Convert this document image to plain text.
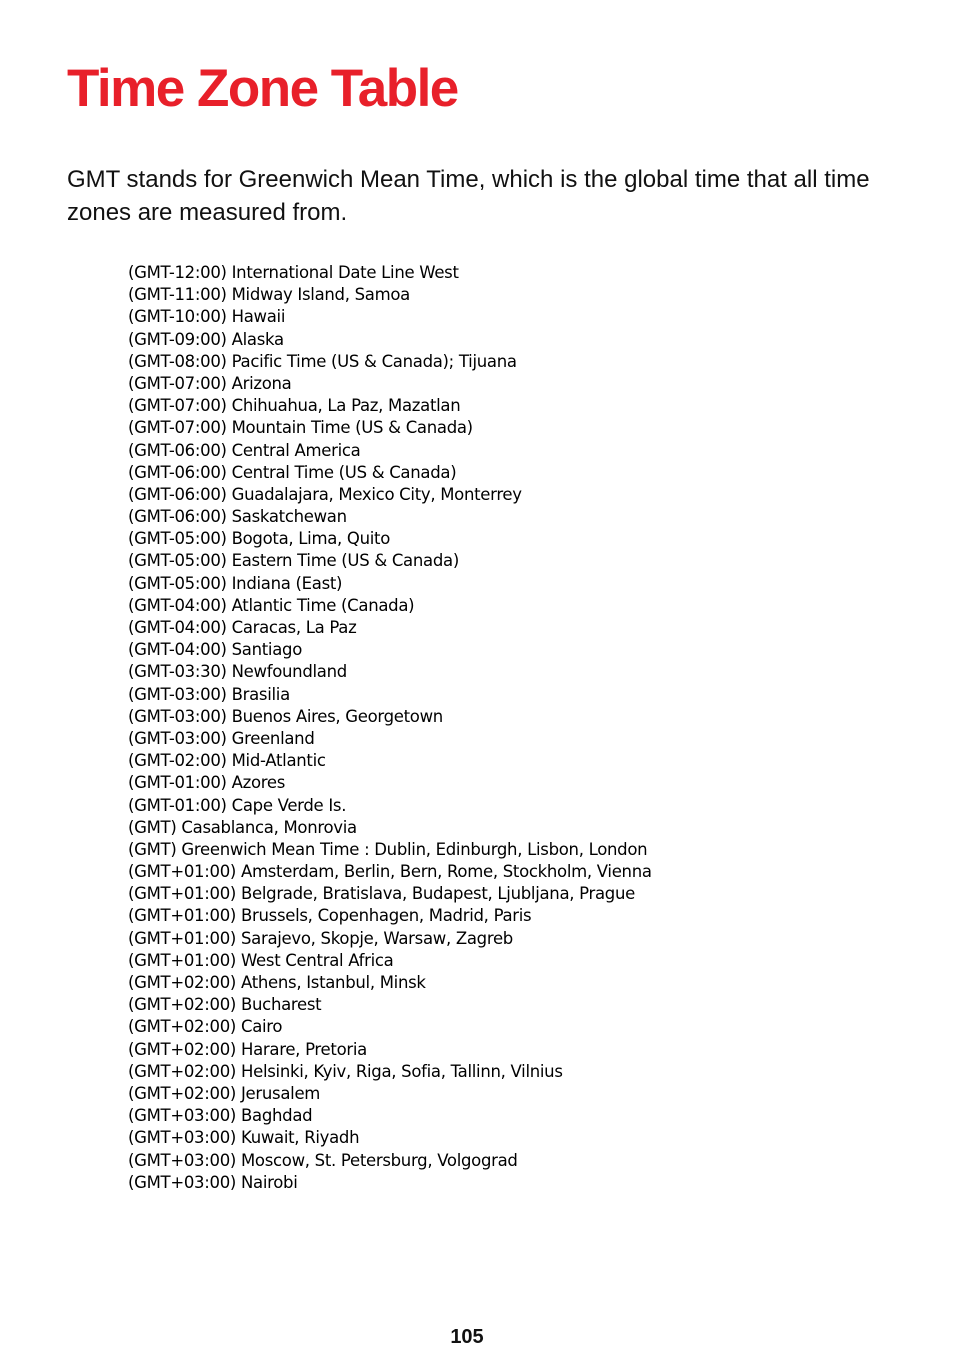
Time Zone Table

GMT stands for Greenwich Mean Time, which is the global time that all time zones are measured from.

(GMT-12:00) International Date Line West
(GMT-11:00) Midway Island, Samoa
(GMT-10:00) Hawaii
(GMT-09:00) Alaska
(GMT-08:00) Pacific Time (US & Canada); Tijuana
(GMT-07:00) Arizona
(GMT-07:00) Chihuahua, La Paz, Mazatlan
(GMT-07:00) Mountain Time (US & Canada)
(GMT-06:00) Central America
(GMT-06:00) Central Time (US & Canada)
(GMT-06:00) Guadalajara, Mexico City, Monterrey
(GMT-06:00) Saskatchewan
(GMT-05:00) Bogota, Lima, Quito
(GMT-05:00) Eastern Time (US & Canada)
(GMT-05:00) Indiana (East)
(GMT-04:00) Atlantic Time (Canada)
(GMT-04:00) Caracas, La Paz
(GMT-04:00) Santiago
(GMT-03:30) Newfoundland
(GMT-03:00) Brasilia
(GMT-03:00) Buenos Aires, Georgetown
(GMT-03:00) Greenland
(GMT-02:00) Mid-Atlantic
(GMT-01:00) Azores
(GMT-01:00) Cape Verde Is.
(GMT) Casablanca, Monrovia
(GMT) Greenwich Mean Time : Dublin, Edinburgh, Lisbon, London
(GMT+01:00) Amsterdam, Berlin, Bern, Rome, Stockholm, Vienna
(GMT+01:00) Belgrade, Bratislava, Budapest, Ljubljana, Prague
(GMT+01:00) Brussels, Copenhagen, Madrid, Paris
(GMT+01:00) Sarajevo, Skopje, Warsaw, Zagreb
(GMT+01:00) West Central Africa
(GMT+02:00) Athens, Istanbul, Minsk
(GMT+02:00) Bucharest
(GMT+02:00) Cairo
(GMT+02:00) Harare, Pretoria
(GMT+02:00) Helsinki, Kyiv, Riga, Sofia, Tallinn, Vilnius
(GMT+02:00) Jerusalem
(GMT+03:00) Baghdad
(GMT+03:00) Kuwait, Riyadh
(GMT+03:00) Moscow, St. Petersburg, Volgograd
(GMT+03:00) Nairobi
105
